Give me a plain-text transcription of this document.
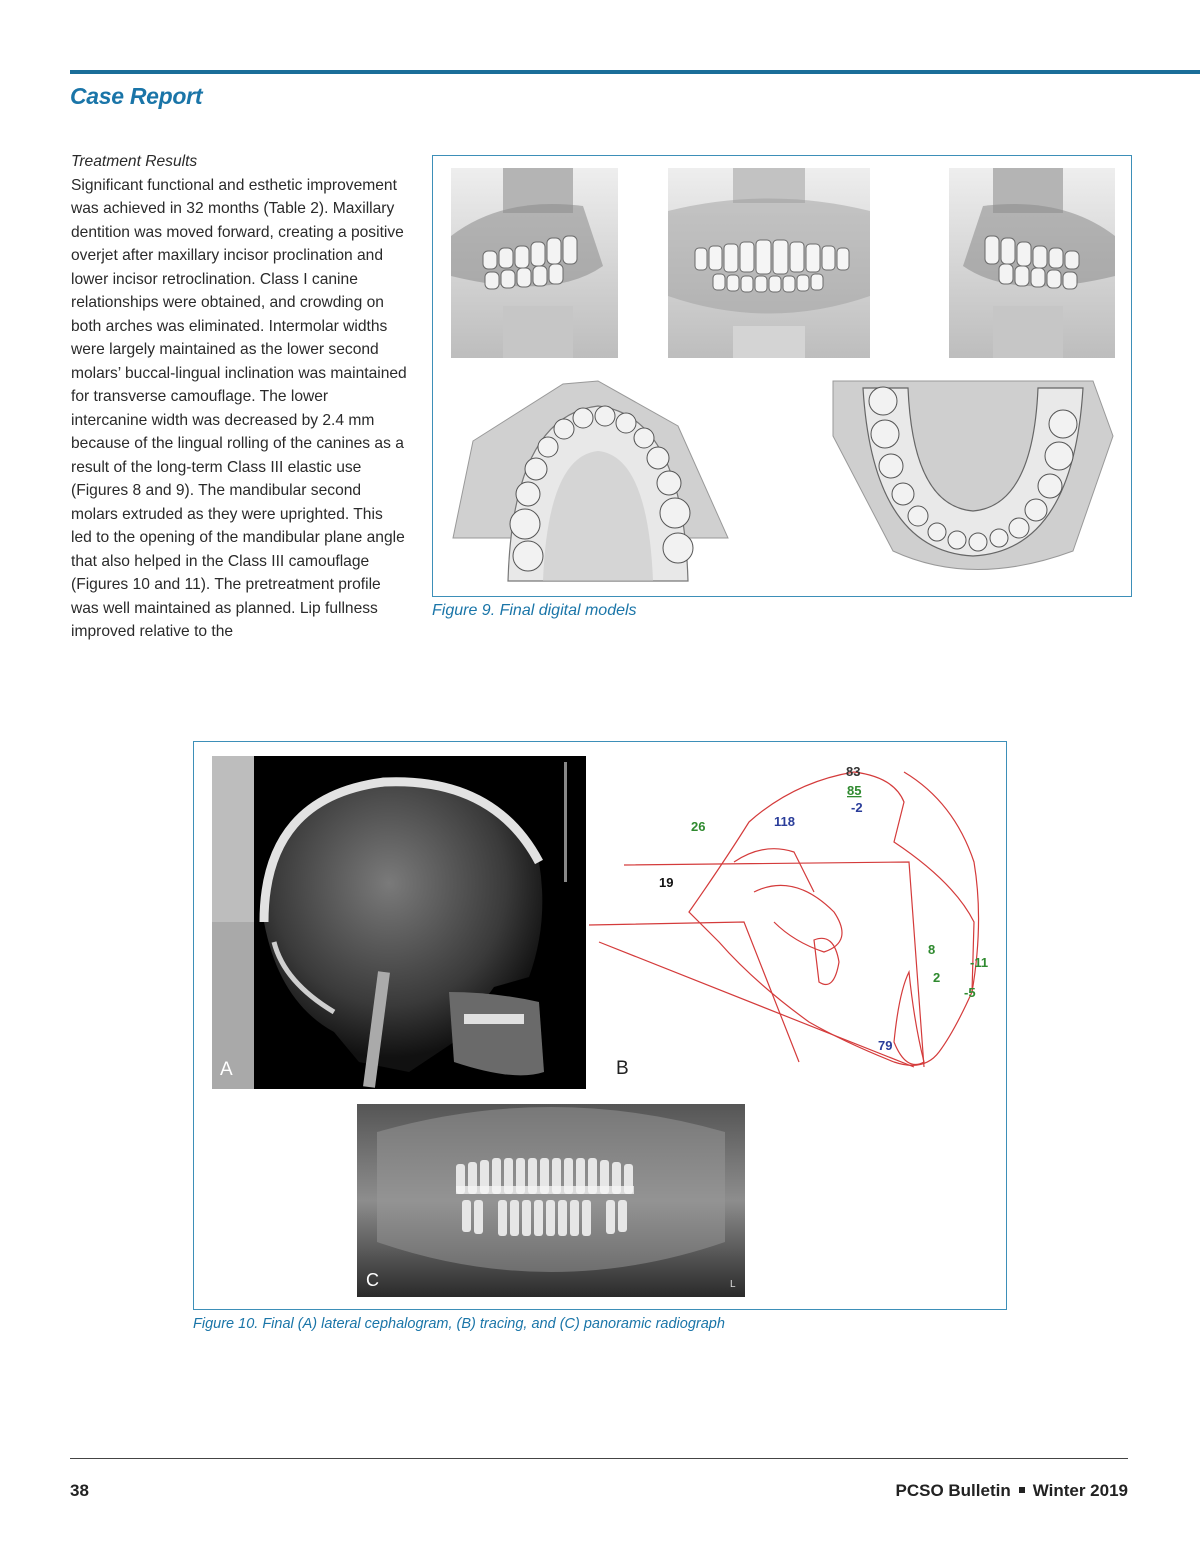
Case Report
Treatment Results
Significant functional and esthetic improvement was achieved in 32 months (Table 2). Maxillary dentition was moved forward, creating a positive overjet after maxillary incisor proclination and lower incisor retroclination. Class I canine relationships were obtained, and crowding on both arches was eliminated. Intermolar widths were largely maintained as the lower second molars’ buccal-lingual inclination was maintained for transverse camouflage. The lower intercanine width was decreased by 2.4 mm because of the lingual rolling of the canines as a result of the long-term Class III elastic use (Figures 8 and 9). The mandibular second molars extruded as they were uprighted. This led to the opening of the mandibular plane angle that also helped in the Class III camouflage (Figures 10 and 11). The pretreatment profile was well maintained as planned. Lip fullness improved relative to the
Figure 9. Final digital models
A
83
85
-2
26	118
19
8
2
-11
-5
79
B
C	L
Figure 10. Final (A) lateral cephalogram, (B) tracing, and (C) panoramic radiograph
38	PCSO Bulletin Winter 2019
